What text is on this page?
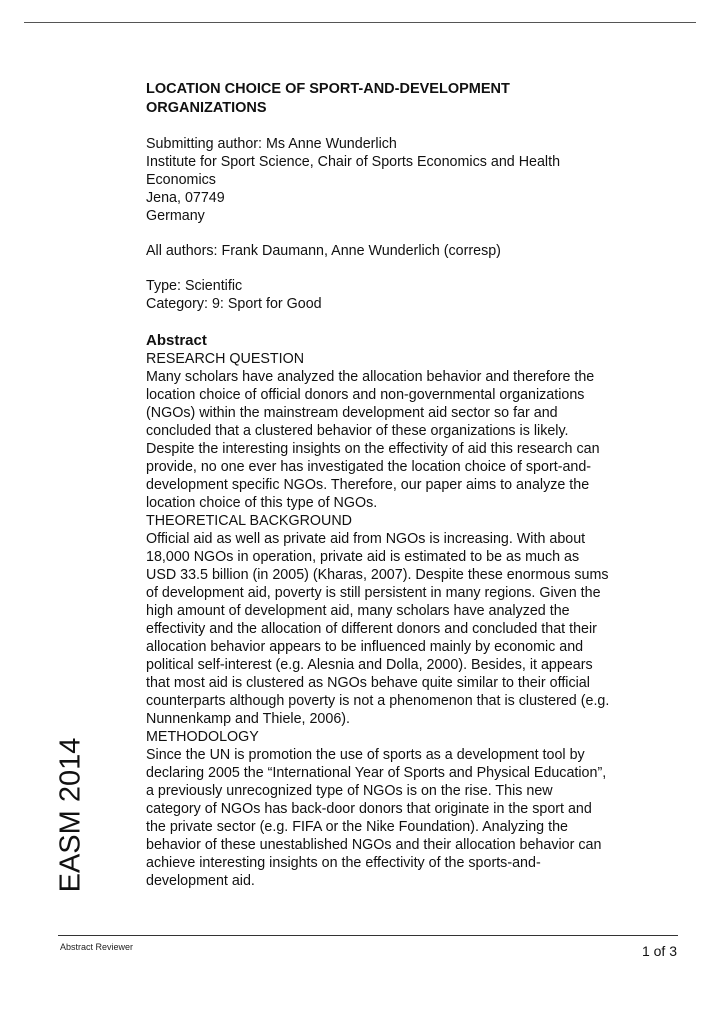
LOCATION CHOICE OF SPORT-AND-DEVELOPMENT
ORGANIZATIONS
Submitting author: Ms Anne Wunderlich
Institute for Sport Science, Chair of Sports Economics and Health
Economics
Jena, 07749
Germany
All authors: Frank Daumann, Anne Wunderlich (corresp)
Type: Scientific
Category: 9: Sport for Good
Abstract
RESEARCH QUESTION
Many scholars have analyzed the allocation behavior and therefore the
location choice of official donors and non-governmental organizations
(NGOs) within the mainstream development aid sector so far and
concluded that a clustered behavior of these organizations is likely.
Despite the interesting insights on the effectivity of aid this research can
provide, no one ever has investigated the location choice of sport-and-
development specific NGOs. Therefore, our paper aims to analyze the
location choice of this type of NGOs.
THEORETICAL BACKGROUND
Official aid as well as private aid from NGOs is increasing. With about
18,000 NGOs in operation, private aid is estimated to be as much as
USD 33.5 billion (in 2005) (Kharas, 2007). Despite these enormous sums
of development aid, poverty is still persistent in many regions. Given the
high amount of development aid, many scholars have analyzed the
effectivity and the allocation of different donors and concluded that their
allocation behavior appears to be influenced mainly by economic and
political self-interest (e.g. Alesnia and Dolla, 2000). Besides, it appears
that most aid is clustered as NGOs behave quite similar to their official
counterparts although poverty is not a phenomenon that is clustered (e.g.
Nunnenkamp and Thiele, 2006).
METHODOLOGY
Since the UN is promotion the use of sports as a development tool by
declaring 2005 the “International Year of Sports and Physical Education”,
a previously unrecognized type of NGOs is on the rise. This new
category of NGOs has back-door donors that originate in the sport and
the private sector (e.g. FIFA or the Nike Foundation). Analyzing the
behavior of these unestablished NGOs and their allocation behavior can
achieve interesting insights on the effectivity of the sports-and-
development aid.
EASM 2014
Abstract Reviewer	1 of 3
